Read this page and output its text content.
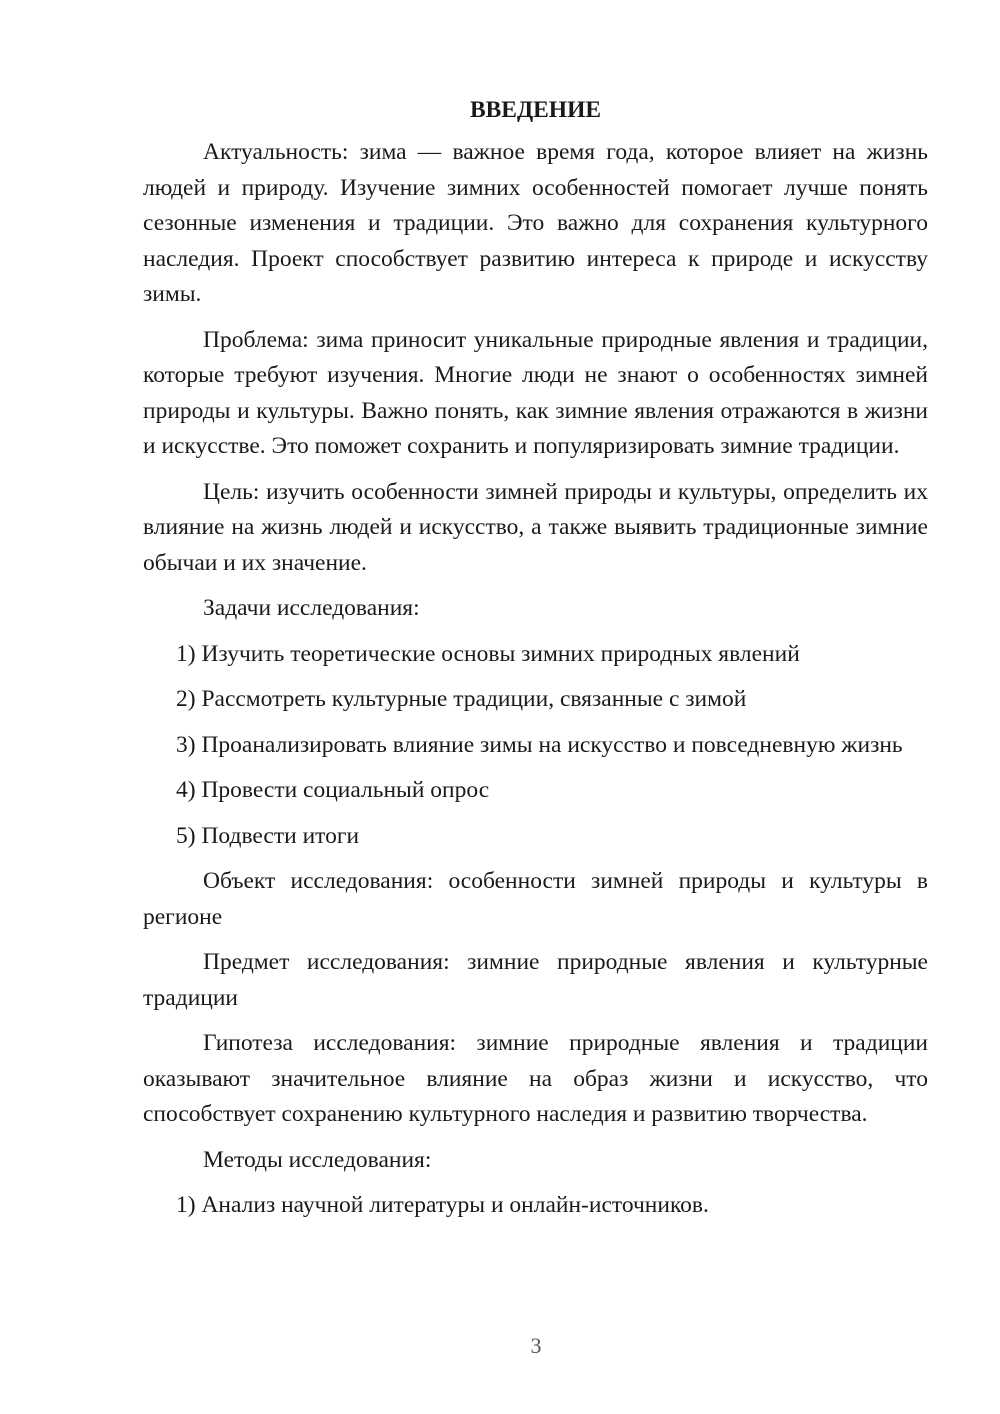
ВВЕДЕНИЕ

Актуальность: зима — важное время года, которое влияет на жизнь людей и природу. Изучение зимних особенностей помогает лучше понять сезонные изменения и традиции. Это важно для сохранения культурного наследия. Проект способствует развитию интереса к природе и искусству зимы.

Проблема: зима приносит уникальные природные явления и традиции, которые требуют изучения. Многие люди не знают о особенностях зимней природы и культуры. Важно понять, как зимние явления отражаются в жизни и искусстве. Это поможет сохранить и популяризировать зимние традиции.

Цель: изучить особенности зимней природы и культуры, определить их влияние на жизнь людей и искусство, а также выявить традиционные зимние обычаи и их значение.

Задачи исследования:

1) Изучить теоретические основы зимних природных явлений

2) Рассмотреть культурные традиции, связанные с зимой

3) Проанализировать влияние зимы на искусство и повседневную жизнь

4) Провести социальный опрос

5) Подвести итоги

Объект исследования: особенности зимней природы и культуры в регионе

Предмет исследования: зимние природные явления и культурные традиции

Гипотеза исследования: зимние природные явления и традиции оказывают значительное влияние на образ жизни и искусство, что способствует сохранению культурного наследия и развитию творчества.

Методы исследования:

1) Анализ научной литературы и онлайн-источников.

3
